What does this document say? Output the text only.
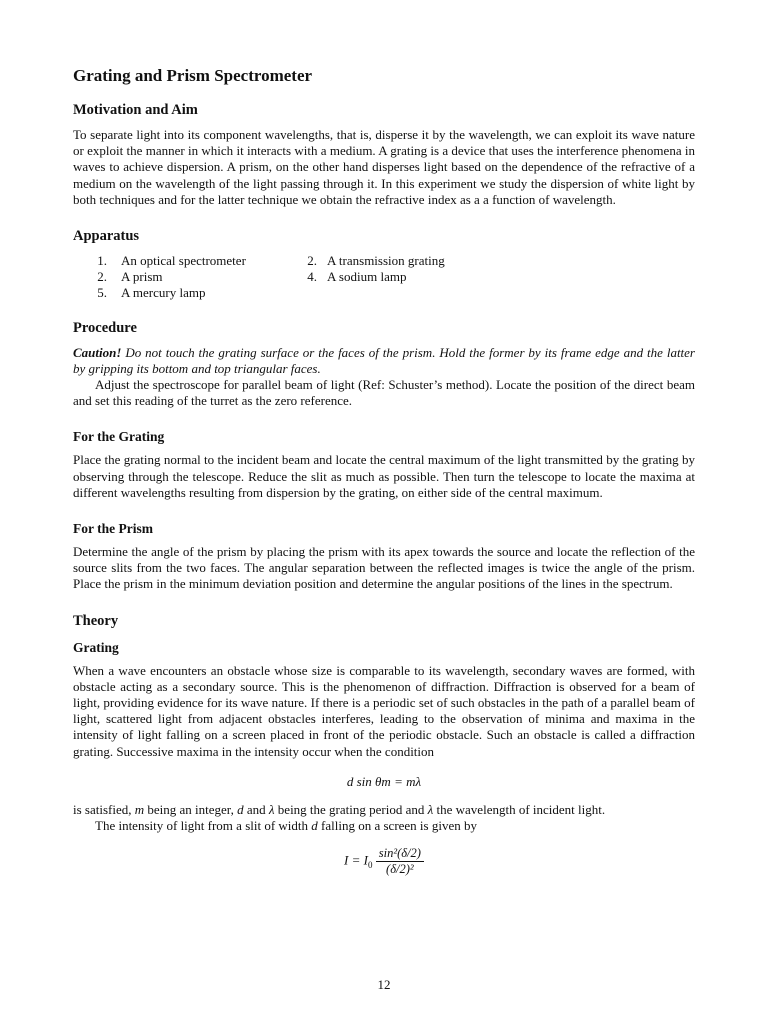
Grating and Prism Spectrometer
Motivation and Aim

To separate light into its component wavelengths, that is, disperse it by the wavelength, we can exploit its wave nature or exploit the manner in which it interacts with a medium. A grating is a device that uses the interference phenomena in waves to achieve dispersion. A prism, on the other hand disperses light based on the dependence of the refractive of a medium on the wavelength of the light passing through it. In this experiment we study the dispersion of white light by both techniques and for the latter technique we obtain the refractive index as a a function of wavelength.

Apparatus
1.	An optical spectrometer	2. A transmission grating
2.	A prism	4. A sodium lamp
5.	A mercury lamp
Procedure

Caution! Do not touch the grating surface or the faces of the prism. Hold the former by its frame edge and the latter by gripping its bottom and top triangular faces.

Adjust the spectroscope for parallel beam of light (Ref: Schuster’s method). Locate the position of the direct beam and set this reading of the turret as the zero reference.

For the Grating

Place the grating normal to the incident beam and locate the central maximum of the light transmitted by the grating by observing through the telescope. Reduce the slit as much as possible. Then turn the telescope to locate the maxima at different wavelengths resulting from dispersion by the grating, on either side of the central maximum.

For the Prism

Determine the angle of the prism by placing the prism with its apex towards the source and locate the reflection of the source slits from the two faces. The angular separation between the reflected images is twice the angle of the prism. Place the prism in the minimum deviation position and determine the angular positions of the lines in the spectrum.

Theory
Grating

When a wave encounters an obstacle whose size is comparable to its wavelength, secondary waves are formed, with obstacle acting as a secondary source. This is the phenomenon of diffraction. Diffraction is observed for a beam of light, providing evidence for its wave nature. If there is a periodic set of such obstacles in the path of a parallel beam of light, scattered light from adjacent obstacles interferes, leading to the observation of minima and maxima in the intensity of light falling on a screen placed in front of the periodic obstacle. Such an obstacle is called a diffraction grating. Successive maxima in the intensity occur when the condition

d sin θm = mλ

is satisfied, m being an integer, d and λ being the grating period and λ the wavelength of incident light.

The intensity of light from a slit of width d falling on a screen is given by

$I = I_0 \frac{\text{sin²(δ/2)}}{\text{(δ/2)²}}$
12
